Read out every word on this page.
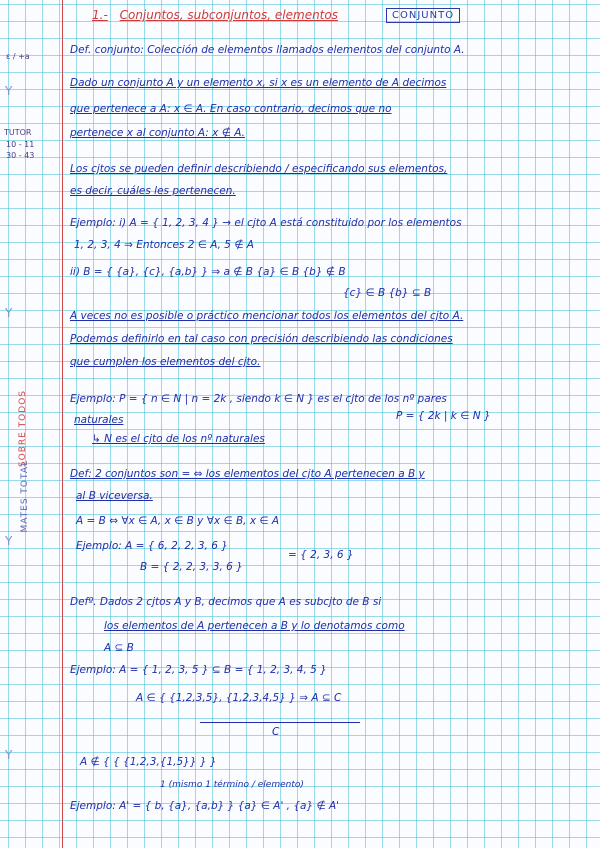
Y
Y
Y
Y
ε / +a
TUTOR
10 - 11
30 - 43
SOBRE TODOS
MATES TOTAL
1.- Conjuntos, subconjuntos, elementos	CONJUNTO
Def. conjunto: Colección de elementos llamados elementos del conjunto A.
Dado un conjunto A y un elemento x, si x es un elemento de A decimos
que pertenece a A: x ∈ A. En caso contrario, decimos que no
pertenece x al conjunto A: x ∉ A.
Los cjtos se pueden definir describiendo / especificando sus elementos,
es decir, cuáles les pertenecen.
Ejemplo: i) A = { 1, 2, 3, 4 } → el cjto A está constituido por los elementos
1, 2, 3, 4 ⇒ Entonces 2 ∈ A, 5 ∉ A
ii) B = { {a}, {c}, {a,b} } ⇒ a ∉ B {a} ∈ B {b} ∉ B
{c} ∈ B {b} ⊆ B
A veces no es posible o práctico mencionar todos los elementos del cjto A.
Podemos definirlo en tal caso con precisión describiendo las condiciones
que cumplen los elementos del cjto.
Ejemplo: P = { n ∈ N | n = 2k , siendo k ∈ N } es el cjto de los nº pares
naturales	P = { 2k | k ∈ N }
↳ N es el cjto de los nº naturales
Def: 2 conjuntos son = ⇔ los elementos del cjto A pertenecen a B y
al B viceversa.
A = B ⇔ ∀x ∈ A, x ∈ B y ∀x ∈ B, x ∈ A
Ejemplo: A = { 6, 2, 2, 3, 6 }
B = { 2, 2, 3, 3, 6 }
= { 2, 3, 6 }
Defº. Dados 2 cjtos A y B, decimos que A es subcjto de B si
los elementos de A pertenecen a B y lo denotamos como
A ⊆ B
Ejemplo: A = { 1, 2, 3, 5 } ⊆ B = { 1, 2, 3, 4, 5 }
A ∈ { {1,2,3,5}, {1,2,3,4,5} } ⇒ A ⊆ C
C
A ∉ { { {1,2,3,{1,5}} } }
1 (mismo 1 término / elemento)
Ejemplo: A' = { b, {a}, {a,b} } {a} ∈ A' , {a} ∉ A'
